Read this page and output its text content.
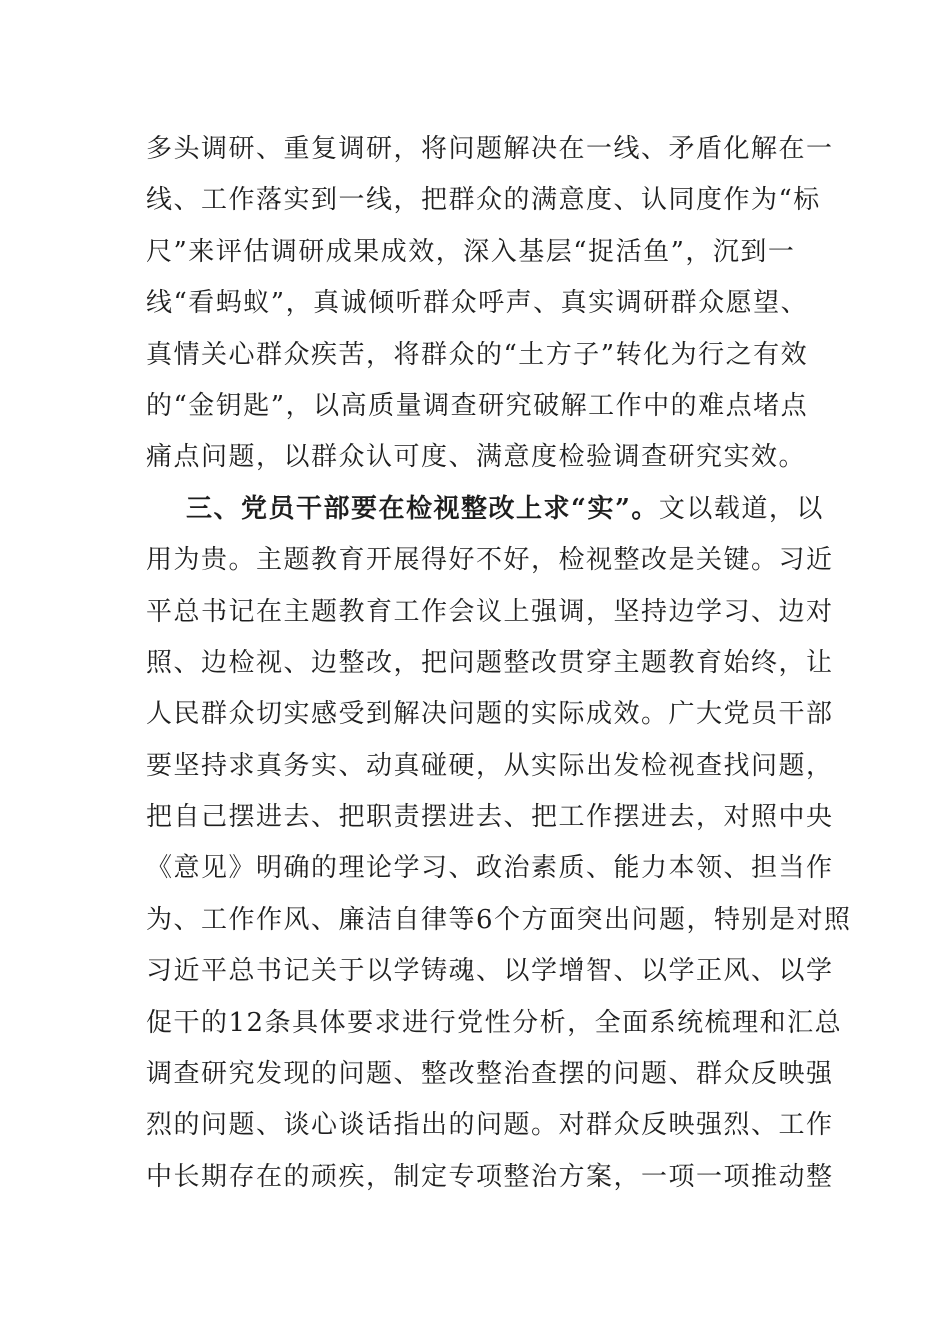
多头调研、重复调研，将问题解决在一线、矛盾化解在一
线、工作落实到一线，把群众的满意度、认同度作为“标
尺”来评估调研成果成效，深入基层“捉活鱼”，沉到一
线“看蚂蚁”，真诚倾听群众呼声、真实调研群众愿望、
真情关心群众疾苦，将群众的“土方子”转化为行之有效
的“金钥匙”，以高质量调查研究破解工作中的难点堵点
痛点问题，以群众认可度、满意度检验调查研究实效。
三、党员干部要在检视整改上求“实”。文以载道，以
用为贵。主题教育开展得好不好，检视整改是关键。习近
平总书记在主题教育工作会议上强调，坚持边学习、边对
照、边检视、边整改，把问题整改贯穿主题教育始终，让
人民群众切实感受到解决问题的实际成效。广大党员干部
要坚持求真务实、动真碰硬，从实际出发检视查找问题，
把自己摆进去、把职责摆进去、把工作摆进去，对照中央
《意见》明确的理论学习、政治素质、能力本领、担当作
为、工作作风、廉洁自律等6个方面突出问题，特别是对照
习近平总书记关于以学铸魂、以学增智、以学正风、以学
促干的12条具体要求进行党性分析，全面系统梳理和汇总
调查研究发现的问题、整改整治查摆的问题、群众反映强
烈的问题、谈心谈话指出的问题。对群众反映强烈、工作
中长期存在的顽疾，制定专项整治方案，一项一项推动整
